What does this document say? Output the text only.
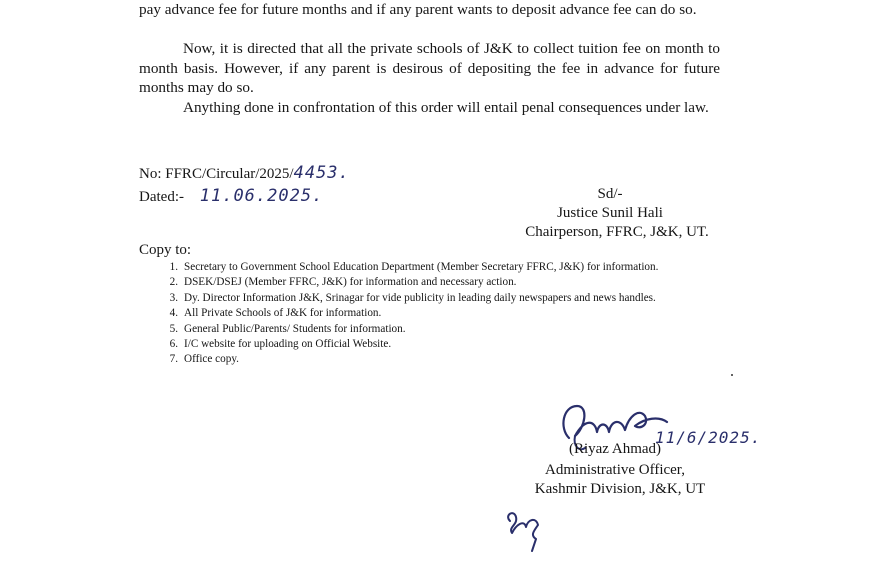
pay advance fee for future months and if any parent wants to deposit advance fee can do so.

Now, it is directed that all the private schools of J&K to collect tuition fee on month to month basis. However, if any parent is desirous of depositing the fee in advance for future months may do so.

Anything done in confrontation of this order will entail penal consequences under law.

No: FFRC/Circular/2025/4453.
Dated:- 11.06.2025.	Sd/-
Justice Sunil Hali
Chairperson, FFRC, J&K, UT.
Copy to:
1. Secretary to Government School Education Department (Member Secretary FFRC, J&K) for information.
2. DSEK/DSEJ (Member FFRC, J&K) for information and necessary action.
3. Dy. Director Information J&K, Srinagar for vide publicity in leading daily newspapers and news handles.
4. All Private Schools of J&K for information.
5. General Public/Parents/ Students for information.
6. I/C website for uploading on Official Website.
7. Office copy.
11/6/2025.
(Riyaz Ahmad)
Administrative Officer,
Kashmir Division, J&K, UT
